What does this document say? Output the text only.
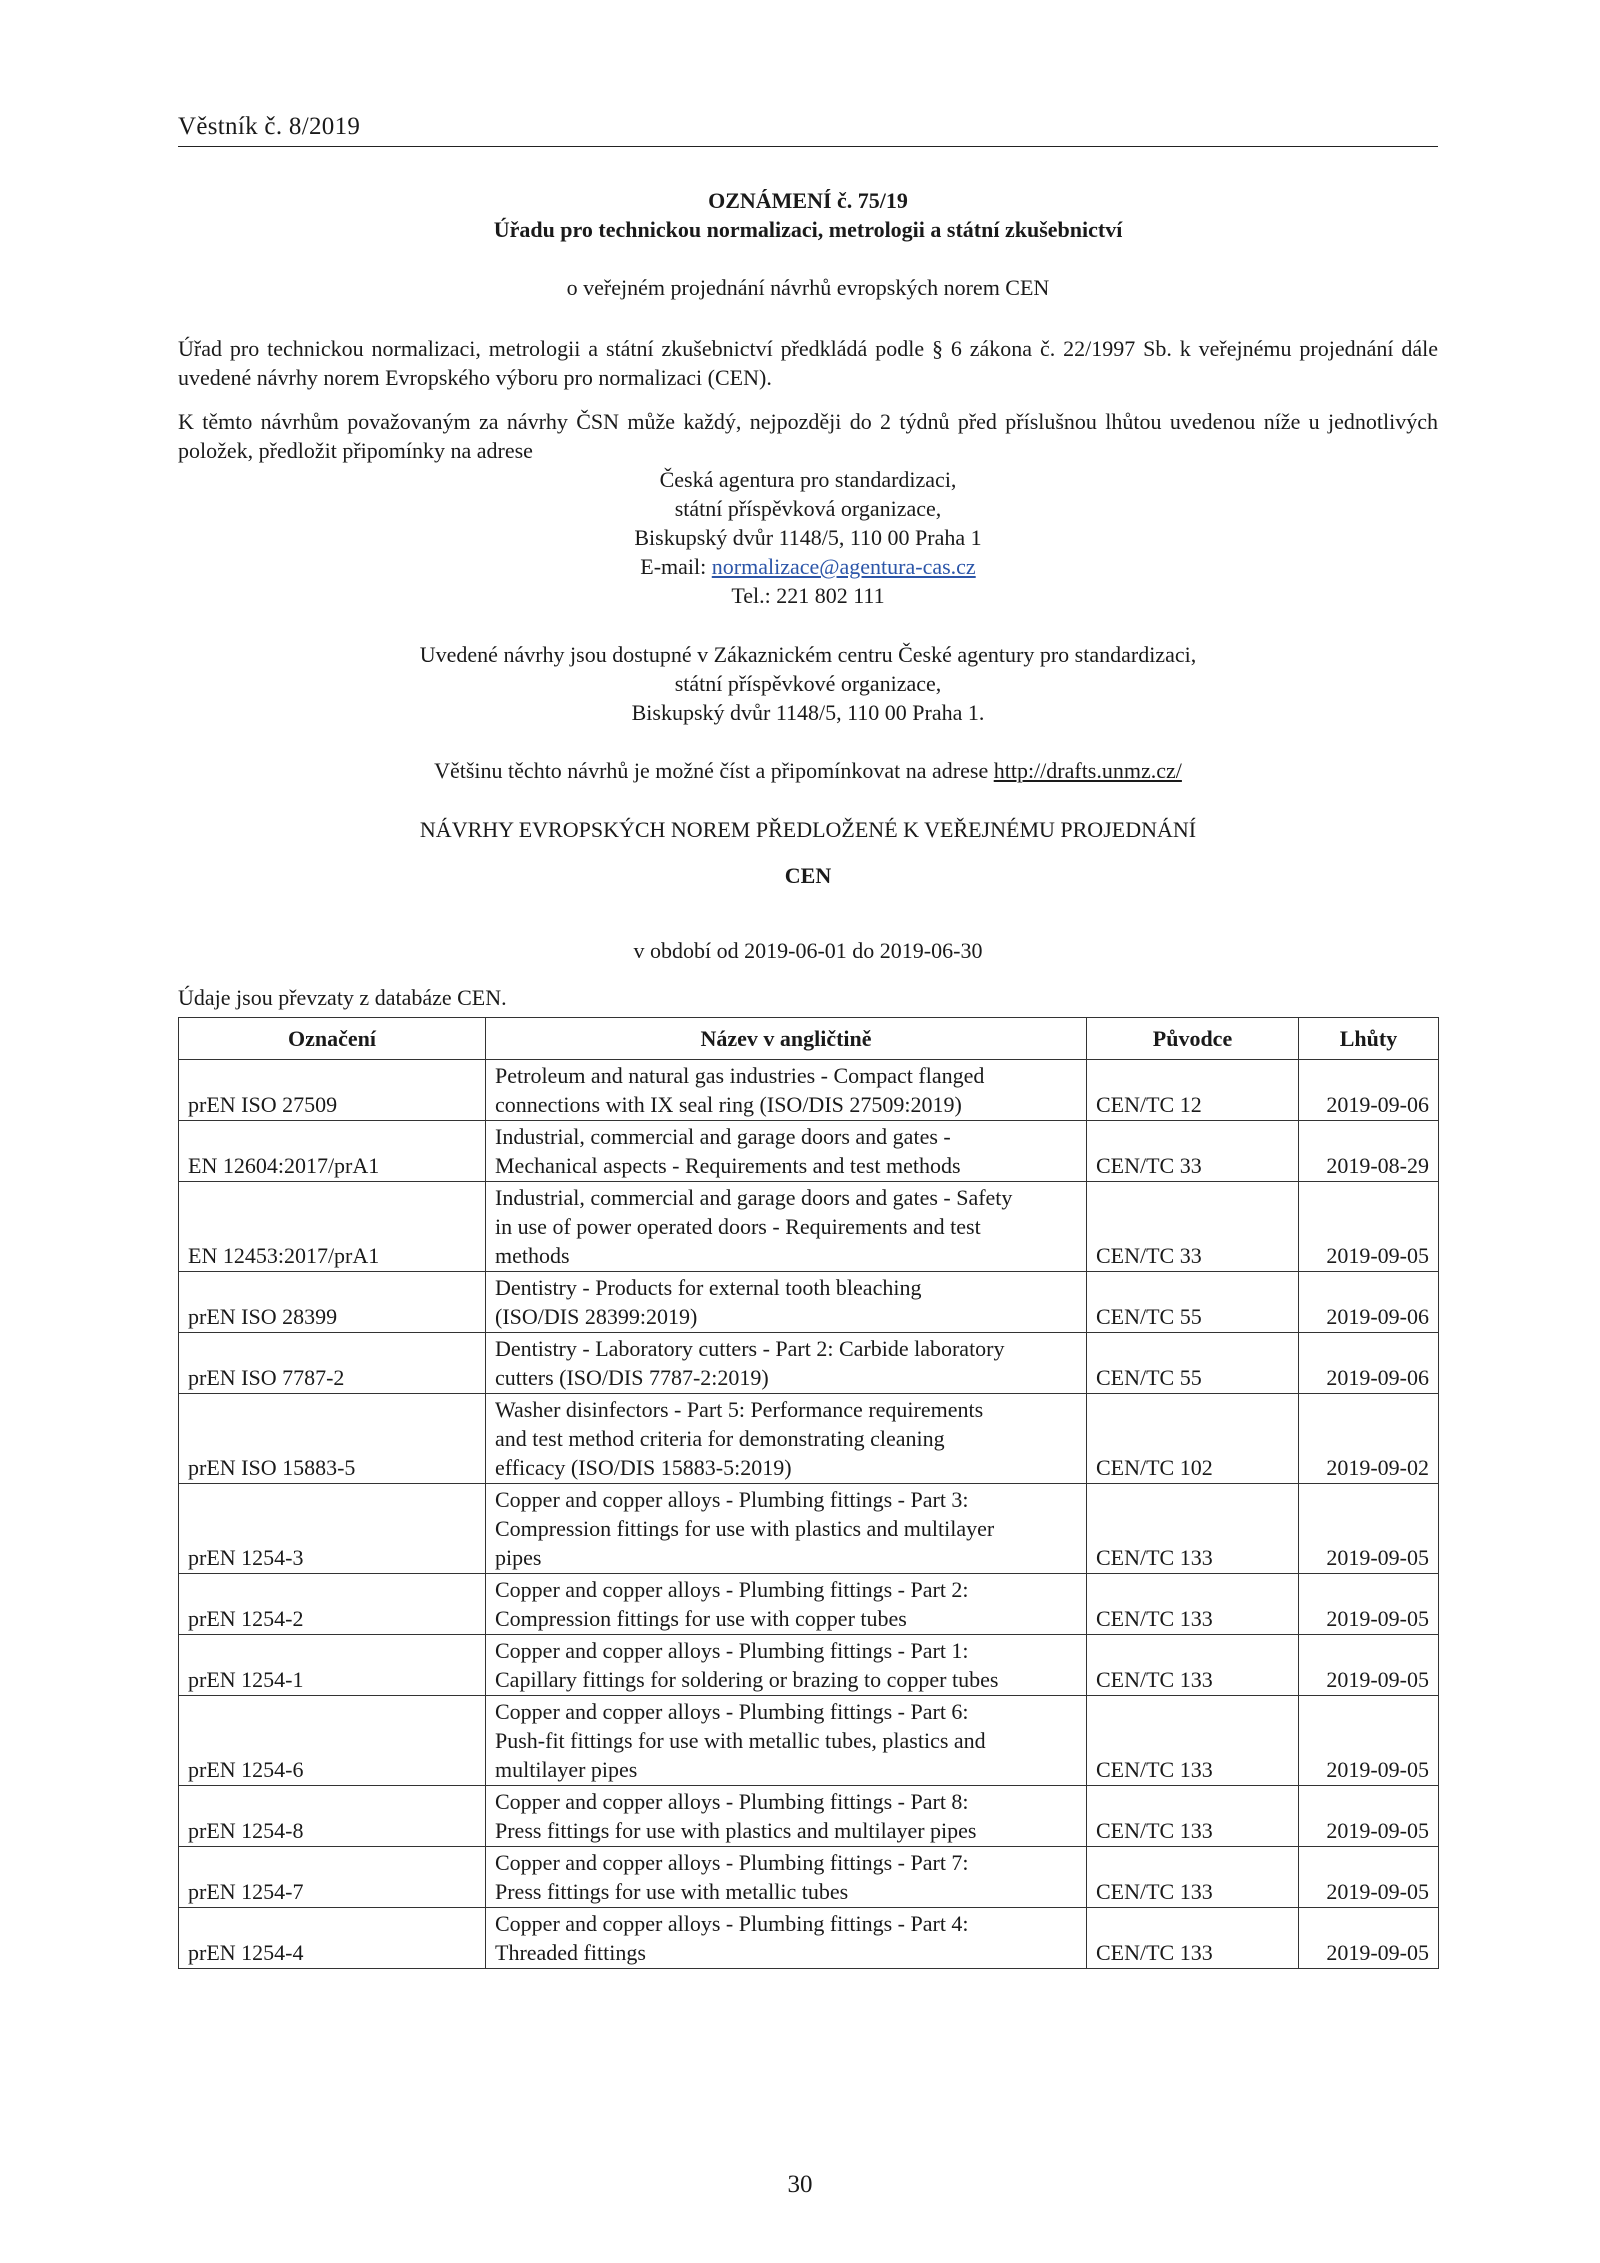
Věstník č. 8/2019
OZNÁMENÍ č. 75/19
Úřadu pro technickou normalizaci, metrologii a státní zkušebnictví
o veřejném projednání návrhů evropských norem CEN
Úřad pro technickou normalizaci, metrologii a státní zkušebnictví předkládá podle § 6 zákona č. 22/1997 Sb. k veřejnému projednání dále uvedené návrhy norem Evropského výboru pro normalizaci (CEN).
K těmto návrhům považovaným za návrhy ČSN může každý, nejpozději do 2 týdnů před příslušnou lhůtou uvedenou níže u jednotlivých položek, předložit připomínky na adrese
Česká agentura pro standardizaci,
státní příspěvková organizace,
Biskupský dvůr 1148/5, 110 00 Praha 1
E-mail: normalizace@agentura-cas.cz
Tel.: 221 802 111
Uvedené návrhy jsou dostupné v Zákaznickém centru České agentury pro standardizaci,
státní příspěvkové organizace,
Biskupský dvůr 1148/5, 110 00 Praha 1.
Většinu těchto návrhů je možné číst a připomínkovat na adrese http://drafts.unmz.cz/
NÁVRHY EVROPSKÝCH NOREM PŘEDLOŽENÉ K VEŘEJNÉMU PROJEDNÁNÍ
CEN
v období od 2019-06-01 do 2019-06-30
Údaje jsou převzaty z databáze CEN.
Označení	Název v angličtině	Původce	Lhůty
prEN ISO 27509	Petroleum and natural gas industries - Compact flanged
connections with IX seal ring (ISO/DIS 27509:2019)	CEN/TC 12	2019-09-06
EN 12604:2017/prA1	Industrial, commercial and garage doors and gates -
Mechanical aspects - Requirements and test methods	CEN/TC 33	2019-08-29
EN 12453:2017/prA1	Industrial, commercial and garage doors and gates - Safety
in use of power operated doors - Requirements and test
methods	CEN/TC 33	2019-09-05
prEN ISO 28399	Dentistry - Products for external tooth bleaching
(ISO/DIS 28399:2019)	CEN/TC 55	2019-09-06
prEN ISO 7787-2	Dentistry - Laboratory cutters - Part 2: Carbide laboratory
cutters (ISO/DIS 7787-2:2019)	CEN/TC 55	2019-09-06
prEN ISO 15883-5	Washer disinfectors - Part 5: Performance requirements
and test method criteria for demonstrating cleaning
efficacy (ISO/DIS 15883-5:2019)	CEN/TC 102	2019-09-02
prEN 1254-3	Copper and copper alloys - Plumbing fittings - Part 3:
Compression fittings for use with plastics and multilayer
pipes	CEN/TC 133	2019-09-05
prEN 1254-2	Copper and copper alloys - Plumbing fittings - Part 2:
Compression fittings for use with copper tubes	CEN/TC 133	2019-09-05
prEN 1254-1	Copper and copper alloys - Plumbing fittings - Part 1:
Capillary fittings for soldering or brazing to copper tubes	CEN/TC 133	2019-09-05
prEN 1254-6	Copper and copper alloys - Plumbing fittings - Part 6:
Push-fit fittings for use with metallic tubes, plastics and
multilayer pipes	CEN/TC 133	2019-09-05
prEN 1254-8	Copper and copper alloys - Plumbing fittings - Part 8:
Press fittings for use with plastics and multilayer pipes	CEN/TC 133	2019-09-05
prEN 1254-7	Copper and copper alloys - Plumbing fittings - Part 7:
Press fittings for use with metallic tubes	CEN/TC 133	2019-09-05
prEN 1254-4	Copper and copper alloys - Plumbing fittings - Part 4:
Threaded fittings	CEN/TC 133	2019-09-05
30
